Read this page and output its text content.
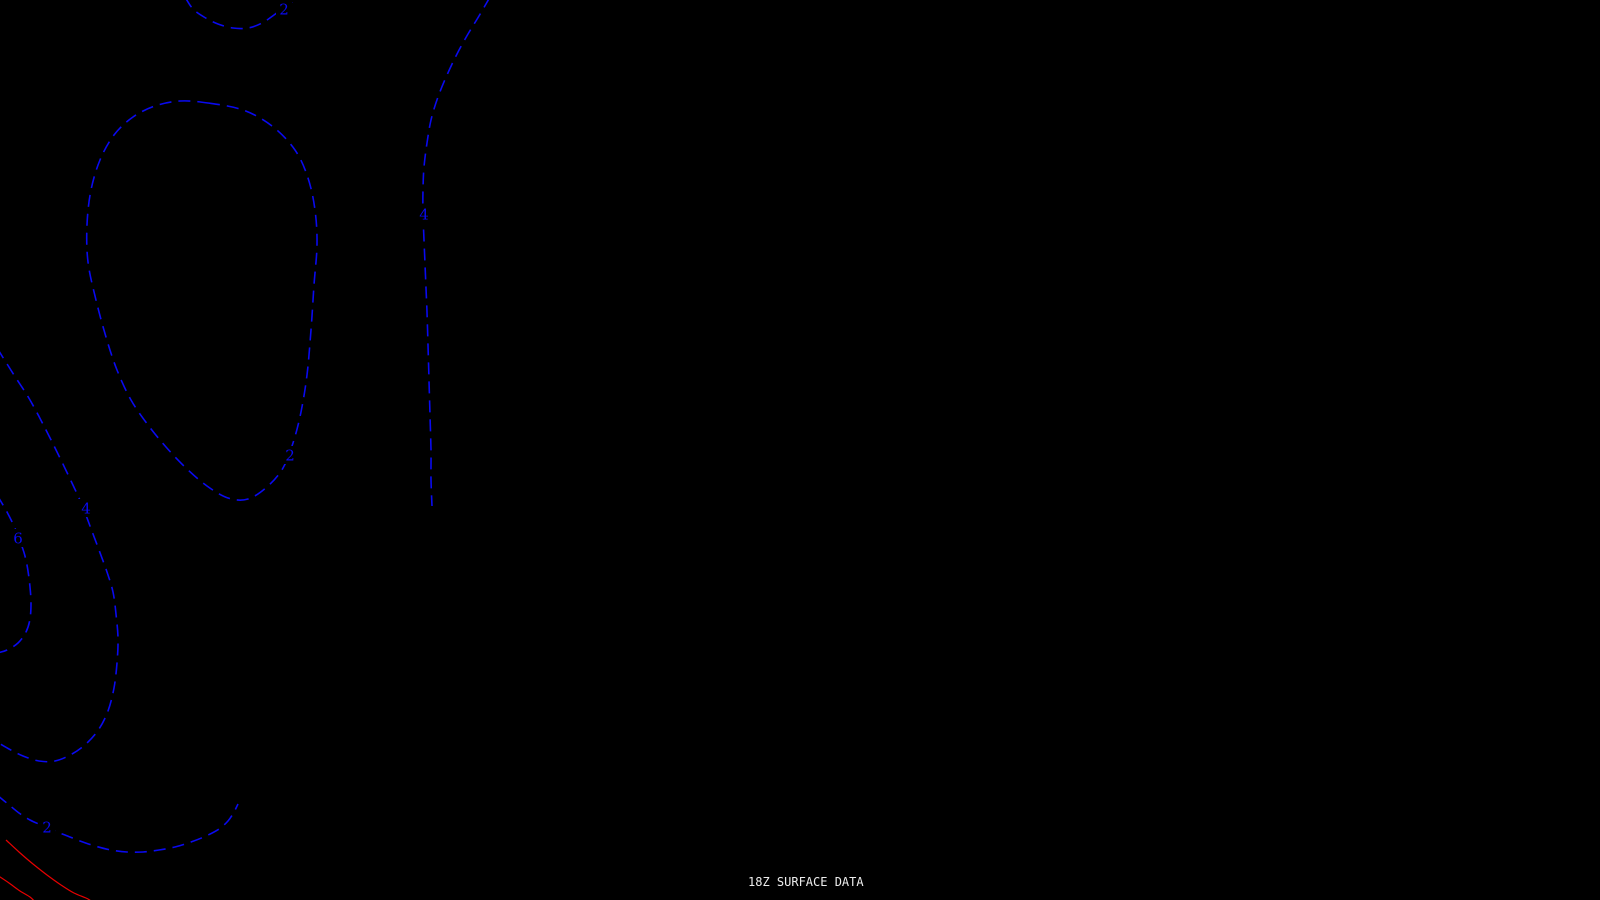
2
2
4
4
6
2
18Z SURFACE DATA
